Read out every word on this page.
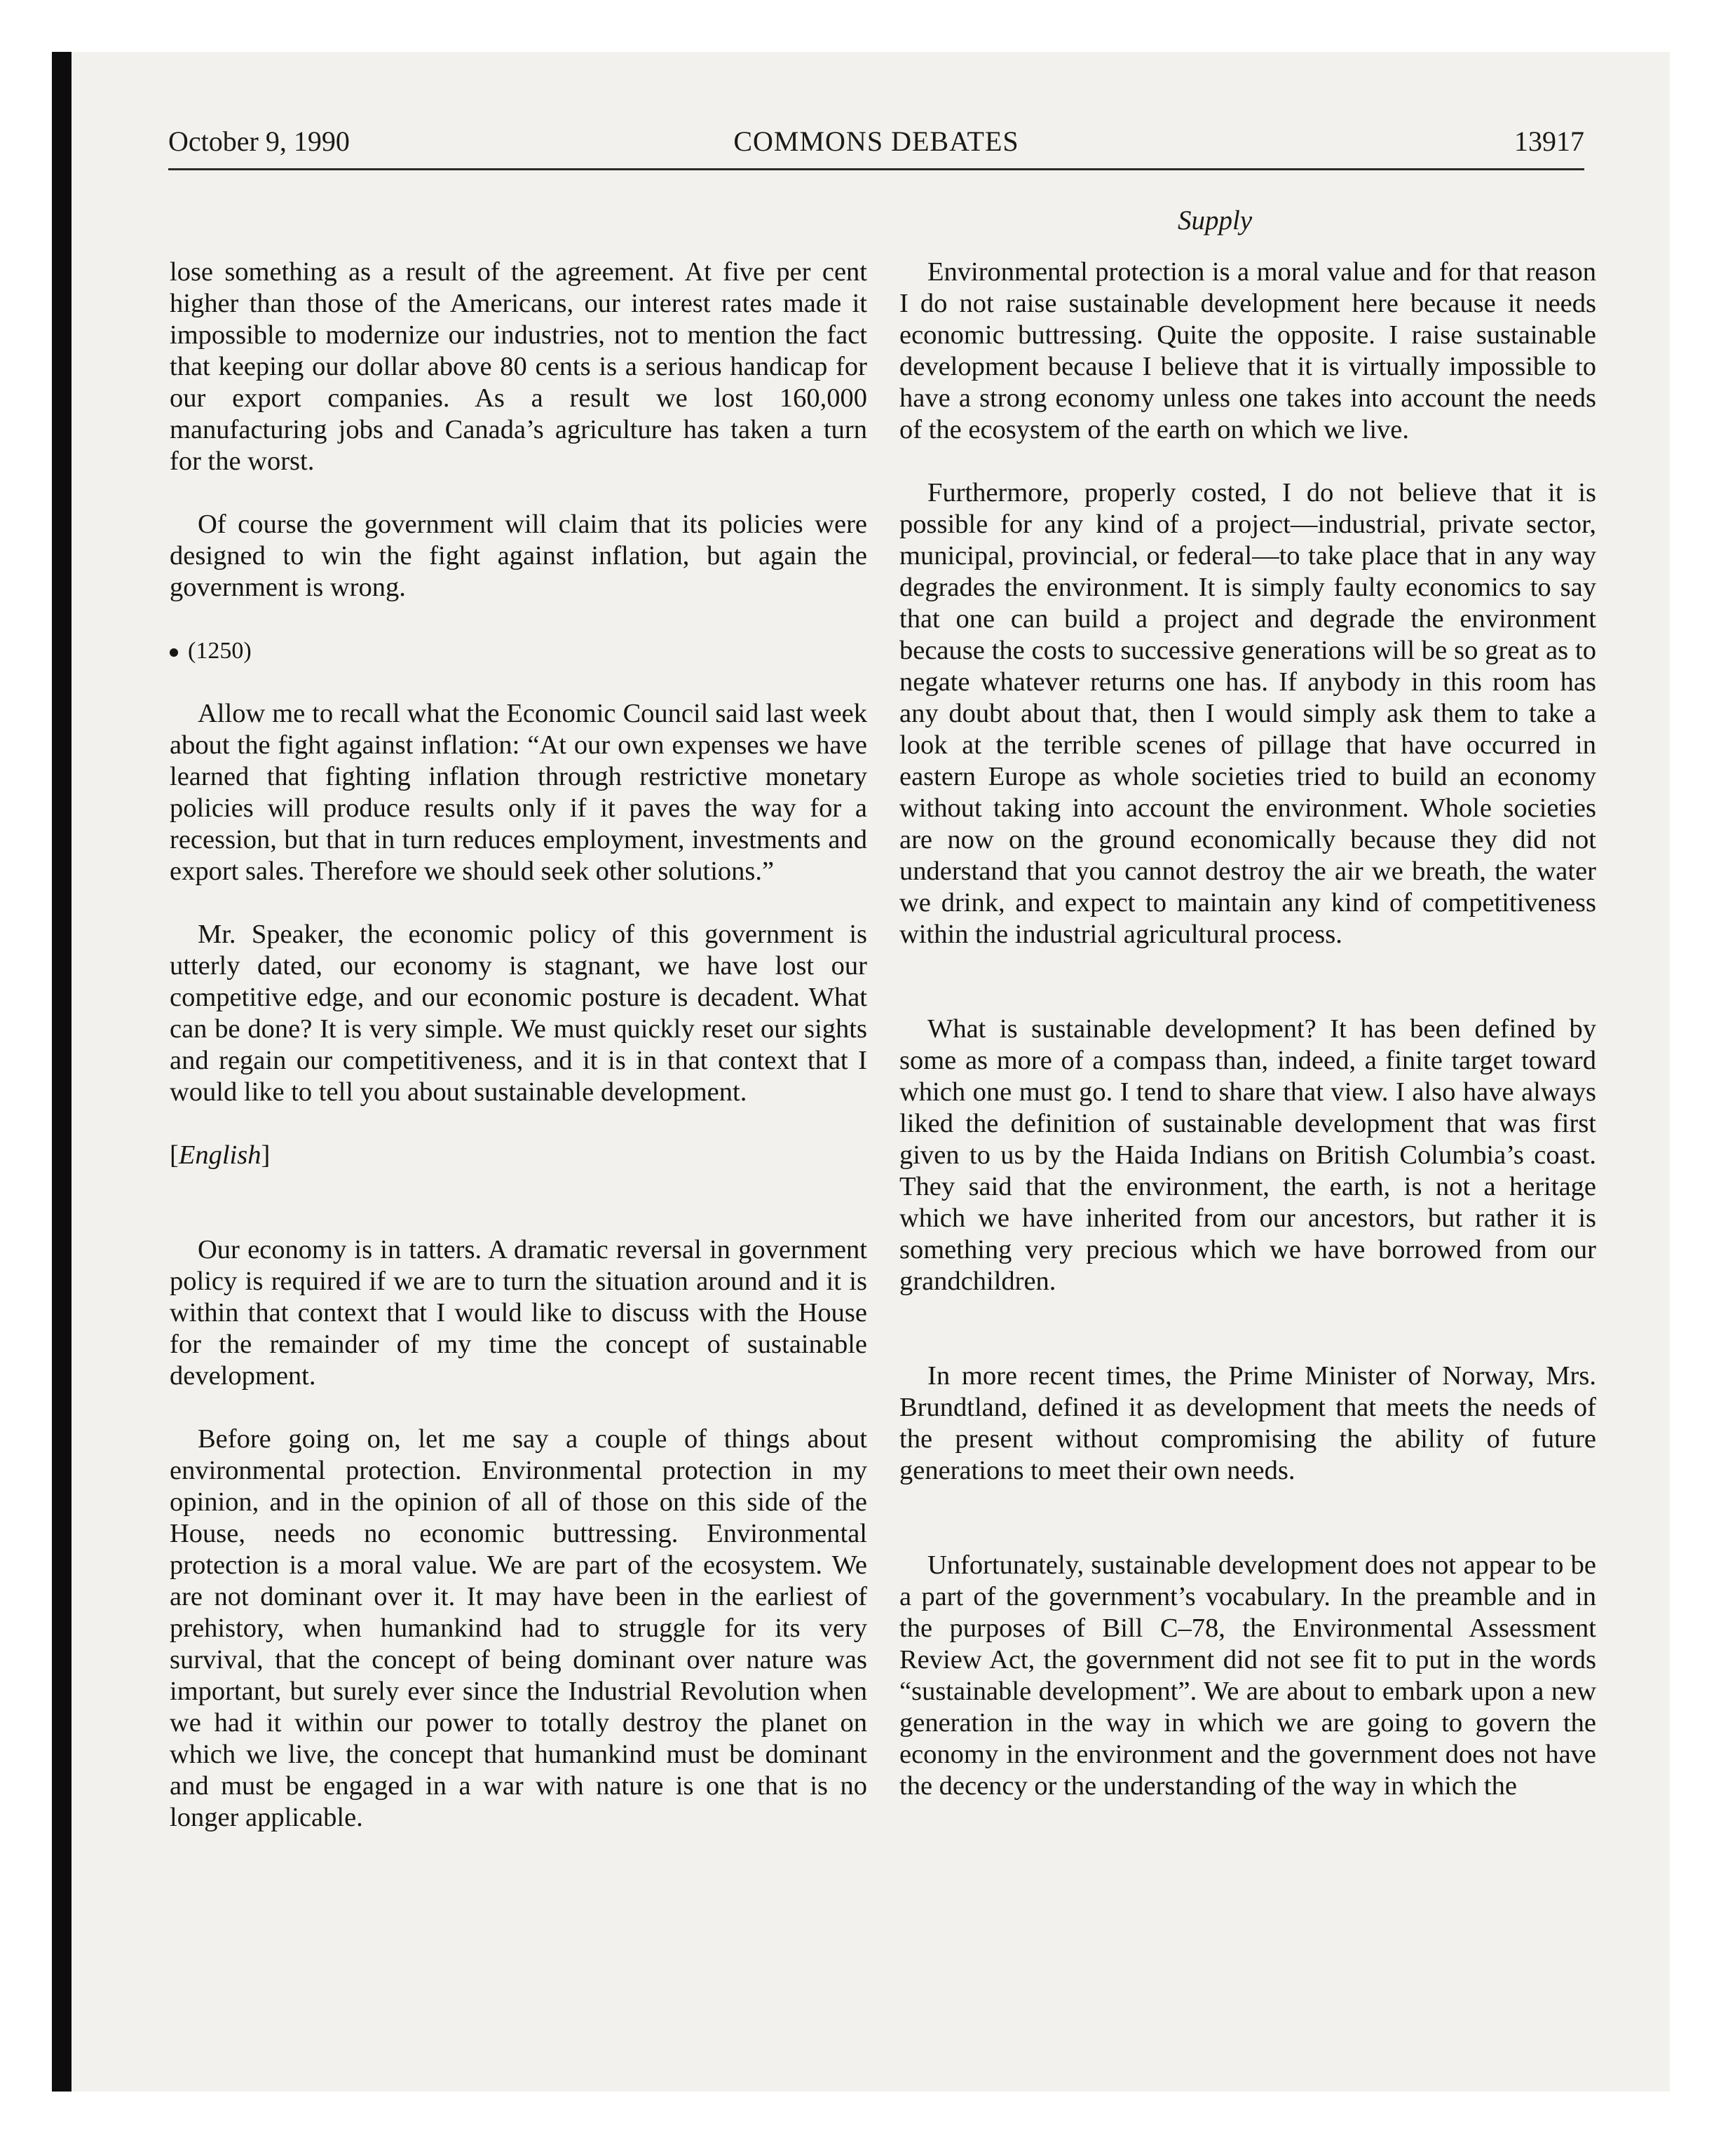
October 9, 1990	COMMONS DEBATES	13917
Supply

lose something as a result of the agreement. At five per cent higher than those of the Americans, our interest rates made it impossible to modernize our industries, not to mention the fact that keeping our dollar above 80 cents is a serious handicap for our export companies. As a result we lost 160,000 manufacturing jobs and Canada’s agriculture has taken a turn for the worst.

Of course the government will claim that its policies were designed to win the fight against inflation, but again the government is wrong.

(1250)

Allow me to recall what the Economic Council said last week about the fight against inflation: “At our own expenses we have learned that fighting inflation through restrictive monetary policies will produce results only if it paves the way for a recession, but that in turn reduces employment, investments and export sales. Therefore we should seek other solutions.”

Mr. Speaker, the economic policy of this government is utterly dated, our economy is stagnant, we have lost our competitive edge, and our economic posture is decadent. What can be done? It is very simple. We must quickly reset our sights and regain our competitiveness, and it is in that context that I would like to tell you about sustainable development.

[English]

Our economy is in tatters. A dramatic reversal in government policy is required if we are to turn the situation around and it is within that context that I would like to discuss with the House for the remainder of my time the concept of sustainable development.

Before going on, let me say a couple of things about environmental protection. Environmental protection in my opinion, and in the opinion of all of those on this side of the House, needs no economic buttressing. Environmental protection is a moral value. We are part of the ecosystem. We are not dominant over it. It may have been in the earliest of prehistory, when humankind had to struggle for its very survival, that the concept of being dominant over nature was important, but surely ever since the Industrial Revolution when we had it within our power to totally destroy the planet on which we live, the concept that humankind must be dominant and must be engaged in a war with nature is one that is no longer applicable.

Environmental protection is a moral value and for that reason I do not raise sustainable development here because it needs economic buttressing. Quite the opposite. I raise sustainable development because I believe that it is virtually impossible to have a strong economy unless one takes into account the needs of the ecosystem of the earth on which we live.

Furthermore, properly costed, I do not believe that it is possible for any kind of a project—industrial, private sector, municipal, provincial, or federal—to take place that in any way degrades the environment. It is simply faulty economics to say that one can build a project and degrade the environment because the costs to successive generations will be so great as to negate whatever returns one has. If anybody in this room has any doubt about that, then I would simply ask them to take a look at the terrible scenes of pillage that have occurred in eastern Europe as whole societies tried to build an economy without taking into account the environment. Whole societies are now on the ground economically because they did not understand that you cannot destroy the air we breath, the water we drink, and expect to maintain any kind of competitiveness within the industrial agricultural process.

What is sustainable development? It has been defined by some as more of a compass than, indeed, a finite target toward which one must go. I tend to share that view. I also have always liked the definition of sustainable development that was first given to us by the Haida Indians on British Columbia’s coast. They said that the environment, the earth, is not a heritage which we have inherited from our ancestors, but rather it is something very precious which we have borrowed from our grandchildren.

In more recent times, the Prime Minister of Norway, Mrs. Brundtland, defined it as development that meets the needs of the present without compromising the ability of future generations to meet their own needs.

Unfortunately, sustainable development does not appear to be a part of the government’s vocabulary. In the preamble and in the purposes of Bill C–78, the Environmental Assessment Review Act, the government did not see fit to put in the words “sustainable development”. We are about to embark upon a new generation in the way in which we are going to govern the economy in the environment and the government does not have the decency or the understanding of the way in which the
